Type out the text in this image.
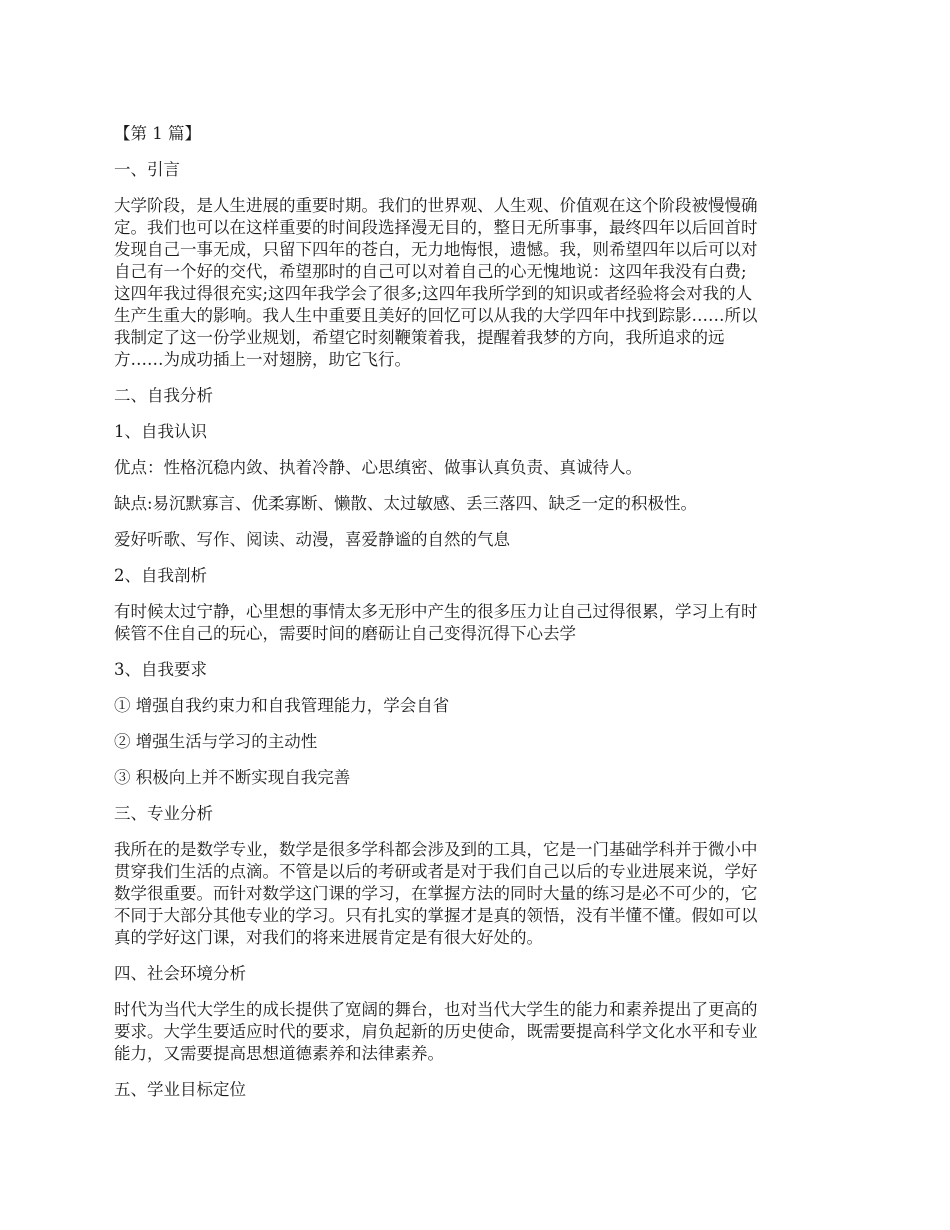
【第 1 篇】
一、引言
大学阶段，是人生进展的重要时期。我们的世界观、人生观、价值观在这个阶段被慢慢确
定。我们也可以在这样重要的时间段选择漫无目的，整日无所事事，最终四年以后回首时
发现自己一事无成，只留下四年的苍白，无力地悔恨，遗憾。我，则希望四年以后可以对
自己有一个好的交代，希望那时的自己可以对着自己的心无愧地说：这四年我没有白费;
这四年我过得很充实;这四年我学会了很多;这四年我所学到的知识或者经验将会对我的人
生产生重大的影响。我人生中重要且美好的回忆可以从我的大学四年中找到踪影……所以
我制定了这一份学业规划，希望它时刻鞭策着我，提醒着我梦的方向，我所追求的远
方……为成功插上一对翅膀，助它飞行。
二、自我分析
1、自我认识
优点：性格沉稳内敛、执着冷静、心思缜密、做事认真负责、真诚待人。
缺点:易沉默寡言、优柔寡断、懒散、太过敏感、丢三落四、缺乏一定的积极性。
爱好听歌、写作、阅读、动漫，喜爱静谧的自然的气息
2、自我剖析
有时候太过宁静，心里想的事情太多无形中产生的很多压力让自己过得很累，学习上有时
候管不住自己的玩心，需要时间的磨砺让自己变得沉得下心去学
3、自我要求
① 增强自我约束力和自我管理能力，学会自省
② 增强生活与学习的主动性
③ 积极向上并不断实现自我完善
三、专业分析
我所在的是数学专业，数学是很多学科都会涉及到的工具，它是一门基础学科并于微小中
贯穿我们生活的点滴。不管是以后的考研或者是对于我们自己以后的专业进展来说，学好
数学很重要。而针对数学这门课的学习，在掌握方法的同时大量的练习是必不可少的，它
不同于大部分其他专业的学习。只有扎实的掌握才是真的领悟，没有半懂不懂。假如可以
真的学好这门课，对我们的将来进展肯定是有很大好处的。
四、社会环境分析
时代为当代大学生的成长提供了宽阔的舞台，也对当代大学生的能力和素养提出了更高的
要求。大学生要适应时代的要求，肩负起新的历史使命，既需要提高科学文化水平和专业
能力，又需要提高思想道德素养和法律素养。
五、学业目标定位
